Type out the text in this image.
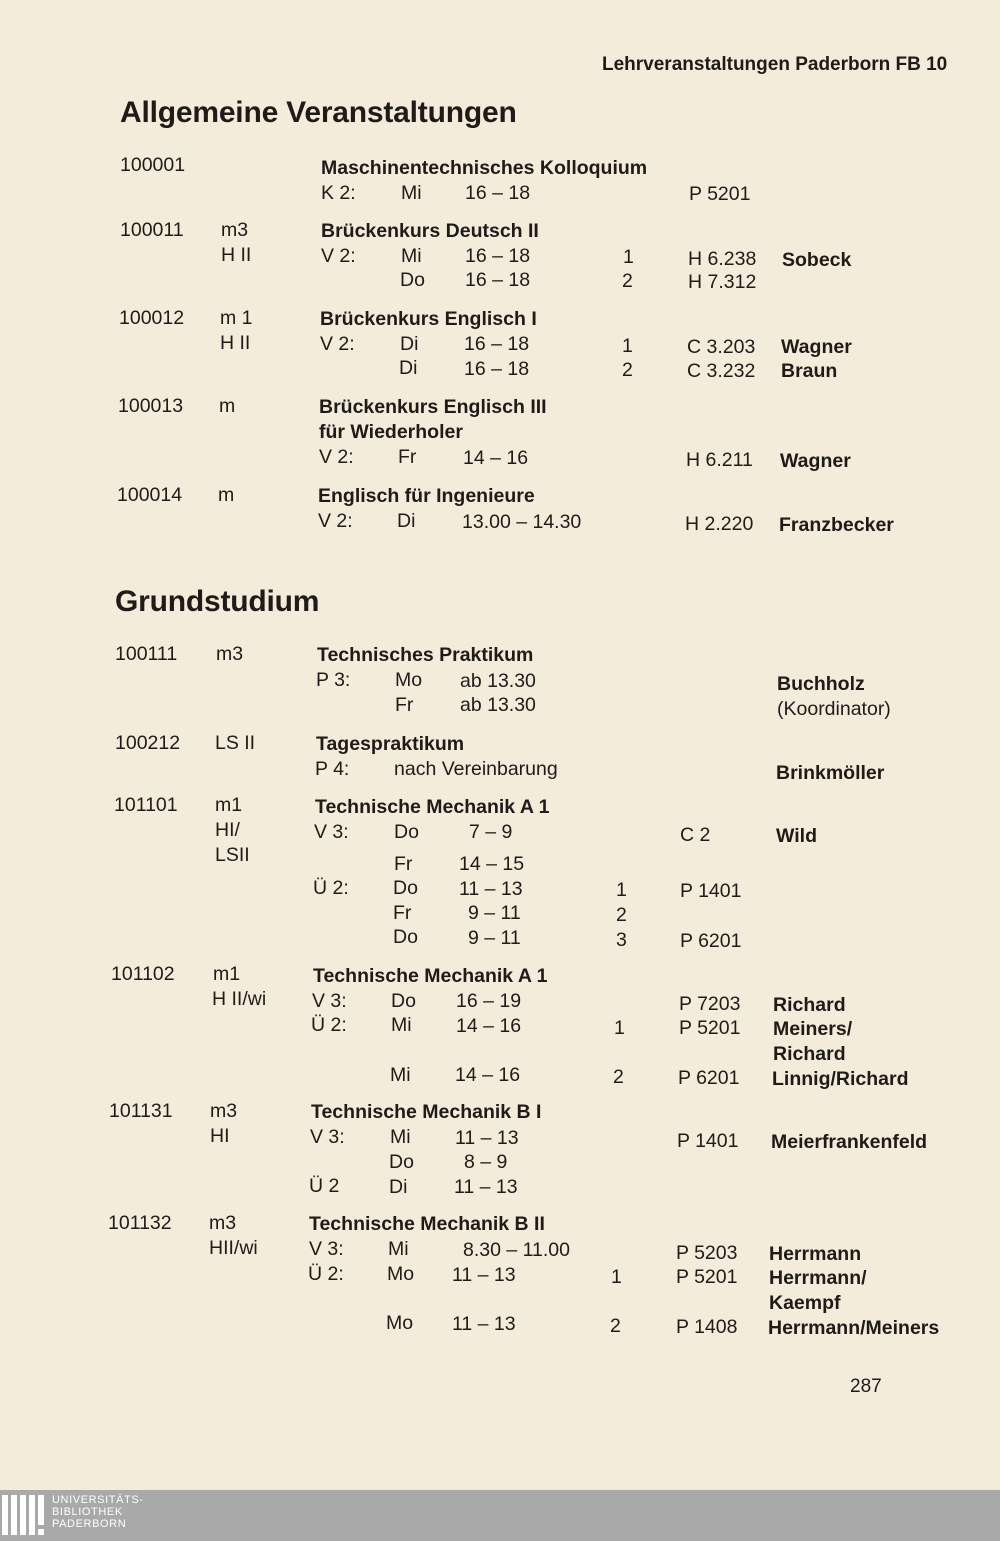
Lehrveranstaltungen Paderborn FB 10
Allgemeine Veranstaltungen
Grundstudium
100001	Maschinentechnisches Kolloquium
K 2: Mi 16 – 18	P 5201
100011 m3
H II
Brückenkurs Deutsch II
V 2: Mi 16 – 18	1	H 6.238 Sobeck
Do 16 – 18	2	H 7.312
100012 m 1
H II
Brückenkurs Englisch I
V 2: Di 16 – 18	1	C 3.203 Wagner
Di 16 – 18	2	C 3.232 Braun
100013 m	Brückenkurs Englisch III
für Wiederholer
V 2: Fr 14 – 16	H 6.211 Wagner
100014 m	Englisch für Ingenieure
V 2: Di 13.00 – 14.30	H 2.220 Franzbecker
100111 m3	Technisches Praktikum
P 3: Mo ab 13.30	Buchholz
Fr ab 13.30	(Koordinator)
100212 LS II	Tagespraktikum
P 4: nach Vereinbarung	Brinkmöller
101101 m1
HI/
LSII
Technische Mechanik A 1
V 3: Do	7 – 9	C 2	Wild
Fr 14 – 15
Ü 2: Do 11 – 13	1	P 1401
Fr	9 – 11	2
Do	9 – 11	3	P 6201
101102 m1
H II/wi
Technische Mechanik A 1
V 3: Do 16 – 19	P 7203 Richard
Ü 2: Mi 14 – 16	1	P 5201 Meiners/
Richard
Mi 14 – 16	2	P 6201 Linnig/Richard
101131 m3
HI
Technische Mechanik B I
V 3: Mi 11 – 13	P 1401 Meierfrankenfeld
Do	8 – 9
Ü 2	Di 11 – 13
101132 m3
HII/wi
Technische Mechanik B II
V 3: Mi	8.30 – 11.00	P 5203 Herrmann
Ü 2: Mo 11 – 13	1	P 5201 Herrmann/
Kaempf
Mo 11 – 13	2	P 1408 Herrmann/Meiners
287
UNIVERSITÄTS-
BIBLIOTHEK
PADERBORN
